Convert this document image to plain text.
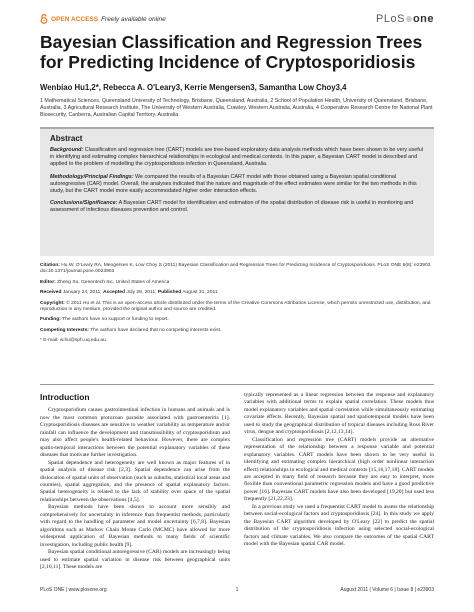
OPEN ACCESS Freely available online	PLoS one
Bayesian Classification and Regression Trees for Predicting Incidence of Cryptosporidiosis
Wenbiao Hu1,2*, Rebecca A. O'Leary3, Kerrie Mengersen3, Samantha Low Choy3,4
1 Mathematical Sciences, Queensland University of Technology, Brisbane, Queensland, Australia, 2 School of Population Health, University of Queensland, Brisbane, Australia, 3 Agricultural Research Institute, The University of Western Australia, Crawley, Western Australia, Australia, 4 Cooperative Research Centre for National Plant Biosecurity, Canberra, Australian Capital Territory, Australia
Abstract

Background: Classification and regression tree (CART) models are tree-based exploratory data analysis methods which have been shown to be very useful in identifying and estimating complex hierarchical relationships in ecological and medical contexts. In this paper, a Bayesian CART model is described and applied to the problem of modelling the cryptosporidiosis infection in Queensland, Australia.

Methodology/Principal Findings: We compared the results of a Bayesian CART model with those obtained using a Bayesian spatial conditional autoregressive (CAR) model. Overall, the analyses indicated that the nature and magnitude of the effect estimates were similar for the two methods in this study, but the CART model more easily accommodated higher order interaction effects.

Conclusions/Significance: A Bayesian CART model for identification and estimation of the spatial distribution of disease risk is useful in monitoring and assessment of infectious diseases prevention and control.

Citation: Hu W, O'Leary RA, Mengersen K, Low Choy S (2011) Bayesian Classification and Regression Trees for Predicting Incidence of Cryptosporidiosis. PLoS ONE 6(8): e23903. doi:10.1371/journal.pone.0023903

Editor: Zheng Su, Genentech Inc, United States of America

Received January 24, 2011; Accepted July 28, 2011; Published August 31, 2011

Copyright: © 2011 Hu et al. This is an open-access article distributed under the terms of the Creative Commons Attribution License, which permits unrestricted use, distribution, and reproduction in any medium, provided the original author and source are credited.

Funding: The authors have no support or funding to report.

Competing Interests: The authors have declared that no competing interests exist.

* E-mail: w.hu@sph.uq.edu.au

Introduction

Cryptosporidium causes gastrointestinal infection in humans and animals and is now the most common protozoan parasite associated with gastroenteritis [1]. Cryptosporidiosis diseases are sensitive to weather variability as temperature and/or rainfall can influence the development and transmissibility of cryptosporidium and may also affect people's health-related behaviour. However, there are complex spatio-temporal interactions between the potential explanatory variables of these diseases that motivate further investigation.

Spatial dependence and heterogeneity are well known as major features of in spatial analysis of disease risk [2,3]. Spatial dependence can arise from the dislocation of spatial units of observation (such as suburbs, statistical local areas and counties), spatial aggregation, and the presence of spatial explanatory factors. Spatial heterogeneity is related to the lack of stability over space of the spatial relationships between the observations [4,5].

Bayesian methods have been shown to account more sensibly and comprehensively for uncertainty in inference than frequentist methods, particularly with regard to the handling of parameter and model uncertainty [6,7,8]. Bayesian algorithms such as Markov Chain Monte Carlo (MCMC) have allowed for more widespread application of Bayesian methods to many fields of scientific investigation, including public health [9].

Bayesian spatial conditional autoregressive (CAR) models are increasingly being used to estimate spatial variation in disease risk between geographical units [2,10,11]. These models are

typically represented as a linear regression between the response and explanatory variables with additional terms to explain spatial correlation. These models thus model explanatory variables and spatial correlation while simultaneously estimating covariate effects. Recently, Bayesian spatial and spatiotemporal models have been used to study the geographical distribution of tropical diseases including Ross River virus, dengue and cryptosporidiosis [2,12,13,14].

Classification and regression tree (CART) models provide an alternative representation of the relationship between a response variable and potential explanatory variables. CART models have been shown to be very useful in identifying and estimating complex hierarchical (high order nonlinear interaction effect) relationships in ecological and medical contexts [15,16,17,18]. CART models are accepted in many field of research because they are easy to interpret, more flexible than conventional parametric regression models and have a good predictive power [16]. Bayesian CART models have also been developed [19,20] but used less frequently [21,22,23].

In a previous study we used a frequentist CART model to assess the relationship between social-ecological factors and cryptosporidiosis [24]. In this study we apply the Bayesian CART algorithm developed by O'Leary [22] to predict the spatial distribution of the cryptosporidiosis infection using selected social-ecological factors and climate variables. We also compare the outcomes of the spatial CART model with the Bayesian spatial CAR model.

PLoS ONE | www.plosone.org	1	August 2011 | Volume 6 | Issue 8 | e23903
